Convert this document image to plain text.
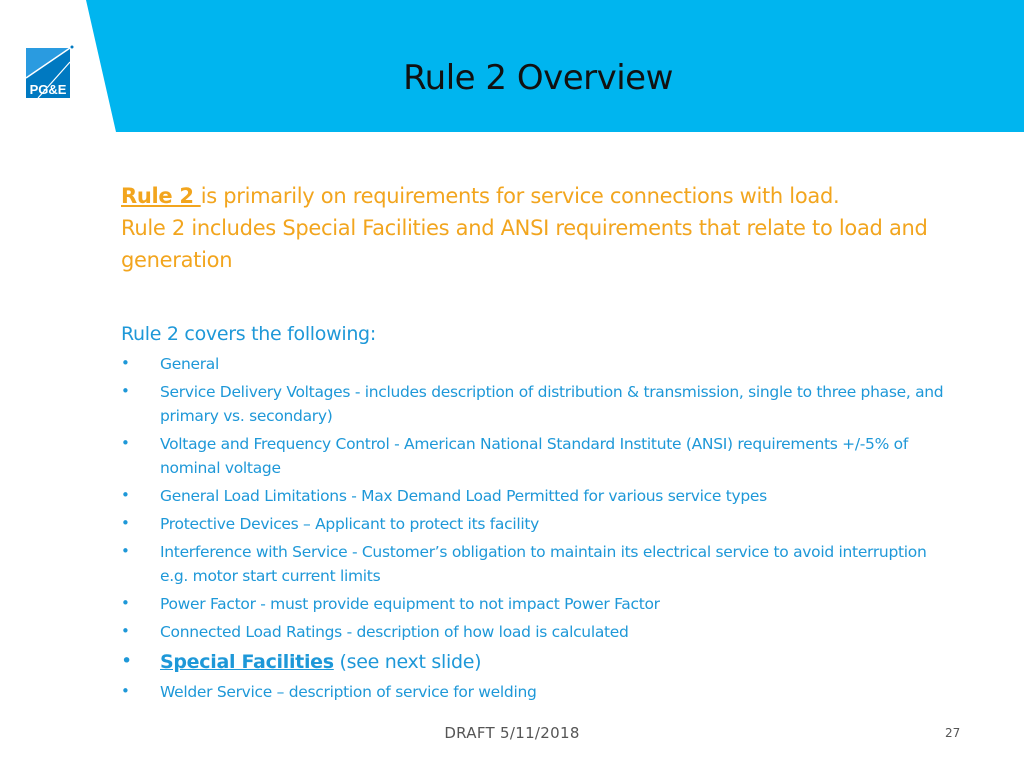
PG&E	Rule 2 Overview

Rule 2 is primarily on requirements for service connections with load.
Rule 2 includes Special Facilities and ANSI requirements that relate to load and generation

Rule 2 covers the following:

• General
• Service Delivery Voltages - includes description of distribution & transmission, single to three phase, and primary vs. secondary)
• Voltage and Frequency Control - American National Standard Institute (ANSI) requirements +/-5% of nominal voltage
• General Load Limitations - Max Demand Load Permitted for various service types
• Protective Devices – Applicant to protect its facility
• Interference with Service - Customer’s obligation to maintain its electrical service to avoid interruption e.g. motor start current limits
• Power Factor - must provide equipment to not impact Power Factor
• Connected Load Ratings - description of how load is calculated
• Special Facilities (see next slide)
• Welder Service – description of service for welding
DRAFT 5/11/2018	27
